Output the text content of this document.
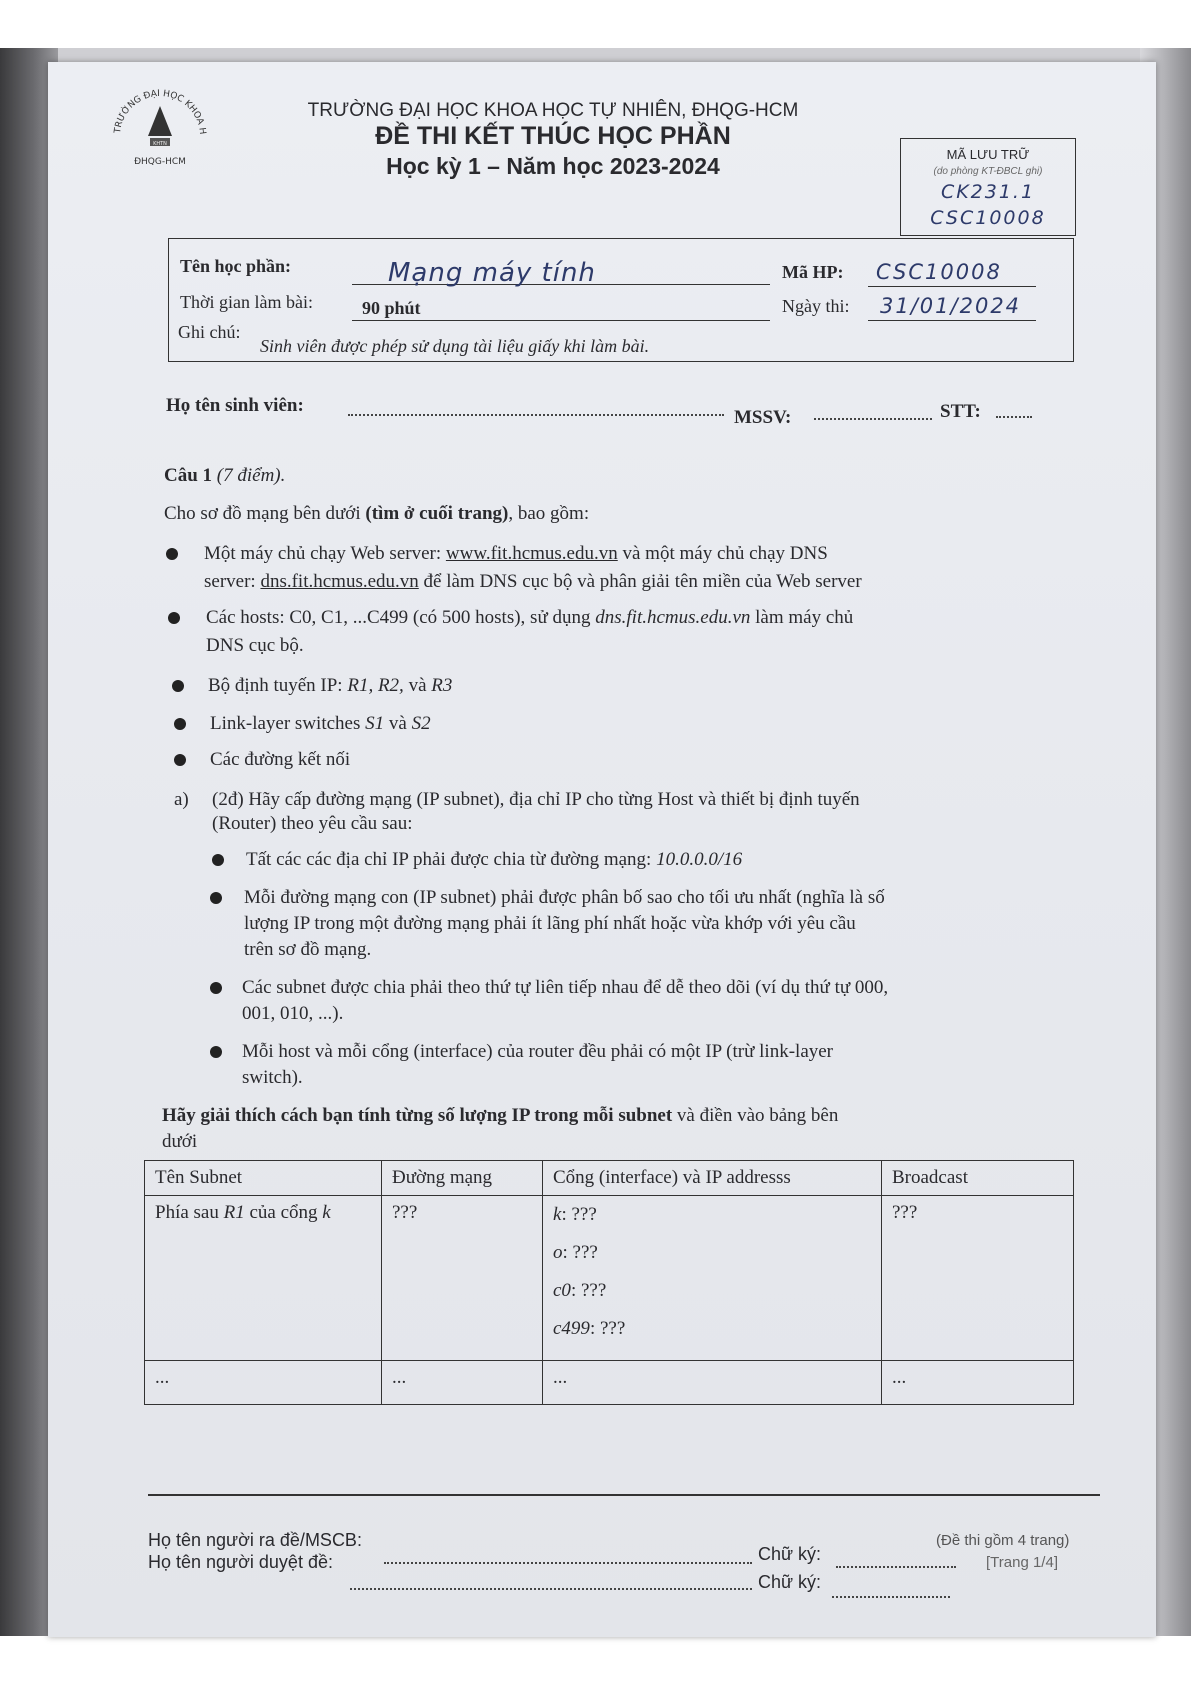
TRƯỜNG ĐẠI HỌC KHOA H
KHTN
ĐHQG-HCM
TRƯỜNG ĐẠI HỌC KHOA HỌC TỰ NHIÊN, ĐHQG-HCM
ĐỀ THI KẾT THÚC HỌC PHẦN
Học kỳ 1 – Năm học 2023-2024	MÃ LƯU TRỮ
(do phòng KT-ĐBCL ghi)
CK231.1
CSC10008
Tên học phần:	Mạng máy tính	Mã HP: CSC10008
Thời gian làm bài:	90 phút	Ngày thi: 31/01/2024
Ghi chú:
Sinh viên được phép sử dụng tài liệu giấy khi làm bài.
Họ tên sinh viên:
MSSV:	STT:
Câu 1 (7 điểm).
Cho sơ đồ mạng bên dưới (tìm ở cuối trang), bao gồm:
Một máy chủ chạy Web server: www.fit.hcmus.edu.vn và một máy chủ chạy DNS
server: dns.fit.hcmus.edu.vn để làm DNS cục bộ và phân giải tên miền của Web server
Các hosts: C0, C1, ...C499 (có 500 hosts), sử dụng dns.fit.hcmus.edu.vn làm máy chủ
DNS cục bộ.
Bộ định tuyến IP: R1, R2, và R3
Link-layer switches S1 và S2
Các đường kết nối
a) (2đ) Hãy cấp đường mạng (IP subnet), địa chỉ IP cho từng Host và thiết bị định tuyến
(Router) theo yêu cầu sau:
Tất các các địa chỉ IP phải được chia từ đường mạng: 10.0.0.0/16
Mỗi đường mạng con (IP subnet) phải được phân bố sao cho tối ưu nhất (nghĩa là số
lượng IP trong một đường mạng phải ít lãng phí nhất hoặc vừa khớp với yêu cầu
trên sơ đồ mạng.
Các subnet được chia phải theo thứ tự liên tiếp nhau để dễ theo dõi (ví dụ thứ tự 000,
001, 010, ...).
Mỗi host và mỗi cổng (interface) của router đều phải có một IP (trừ link-layer
switch).
Hãy giải thích cách bạn tính từng số lượng IP trong mỗi subnet và điền vào bảng bên
dưới
Tên Subnet	Đường mạng	Cổng (interface) và IP addresss	Broadcast
Phía sau R1 của cổng k	???	k: ???
o: ???
c0: ???
c499: ???	???
...	...	...	...
Họ tên người ra đề/MSCB:
Chữ ký:
Họ tên người duyệt đề:
Chữ ký:
(Đề thi gồm 4 trang)
[Trang 1/4]
